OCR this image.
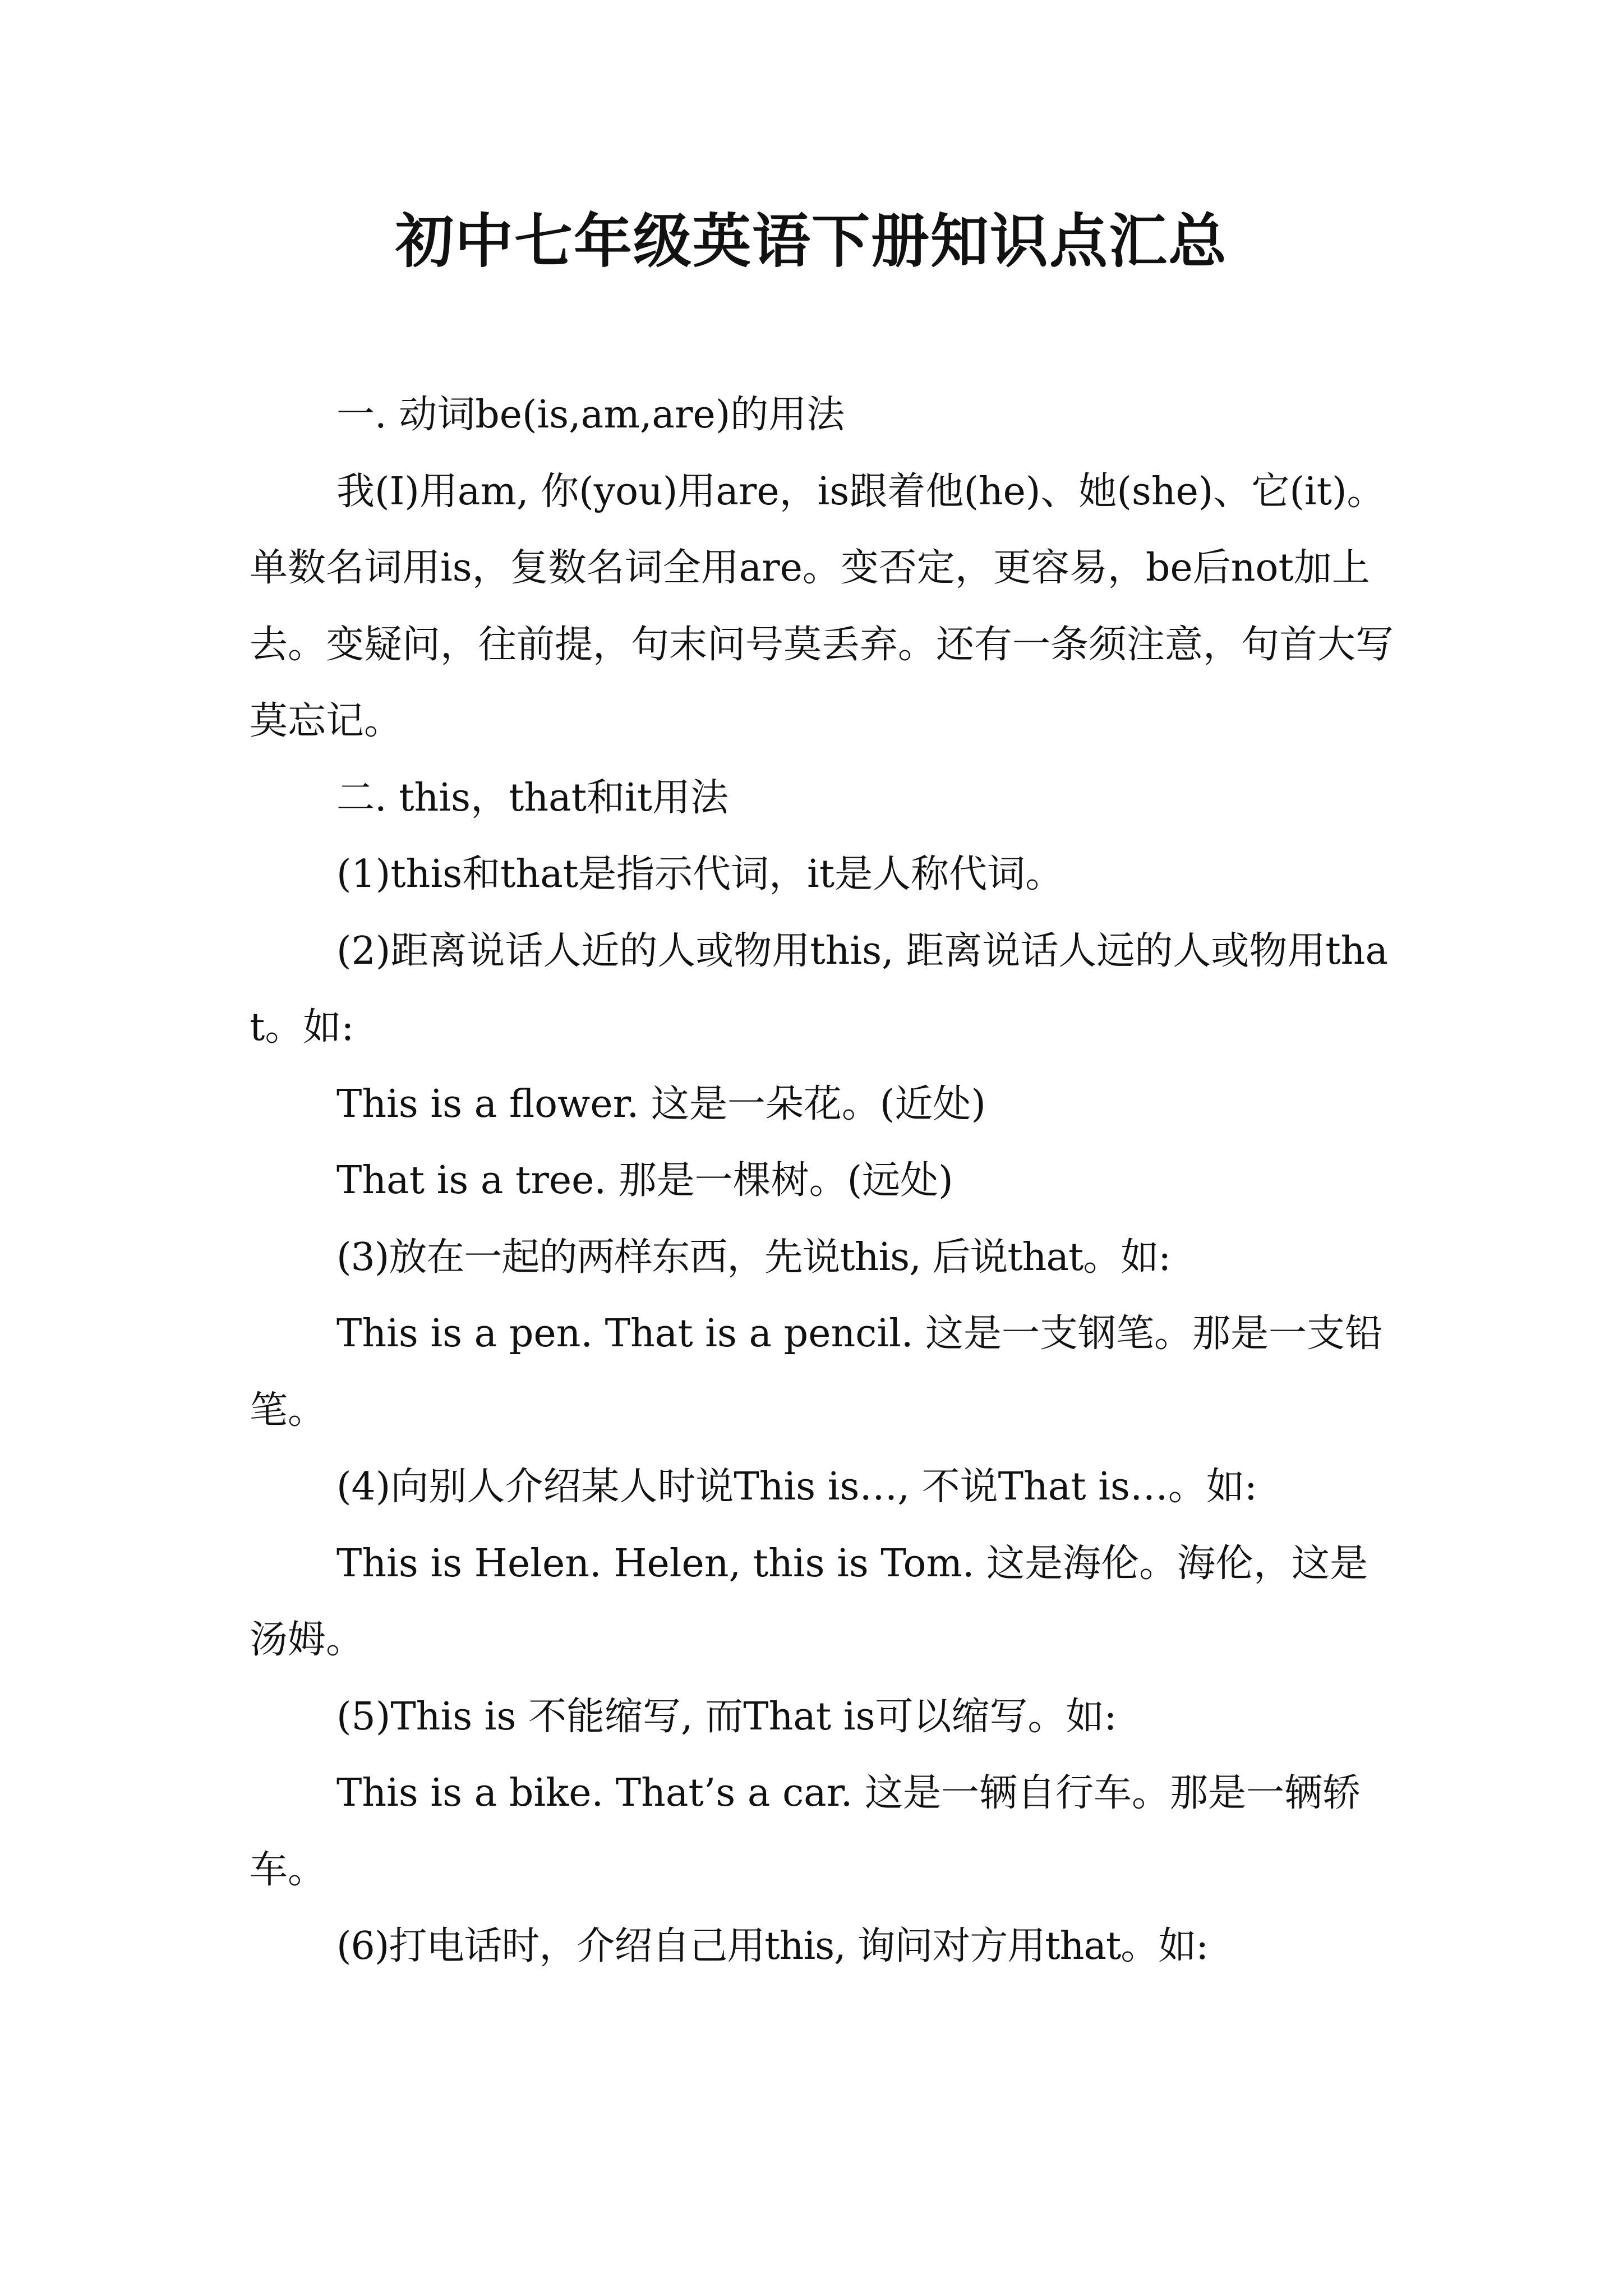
初中七年级英语下册知识点汇总

一. 动词be(is,am,are)的用法

我(I)用am, 你(you)用are，is跟着他(he)、她(she)、它(it)。单数名词用is，复数名词全用are。变否定，更容易，be后not加上去。变疑问，往前提，句末问号莫丢弃。还有一条须注意，句首大写莫忘记。

二. this，that和it用法

(1)this和that是指示代词，it是人称代词。

(2)距离说话人近的人或物用this, 距离说话人远的人或物用that。如:

This is a flower. 这是一朵花。(近处)

That is a tree. 那是一棵树。(远处)

(3)放在一起的两样东西，先说this, 后说that。如:

This is a pen. That is a pencil. 这是一支钢笔。那是一支铅笔。

(4)向别人介绍某人时说This is…, 不说That is…。如:

This is Helen. Helen, this is Tom. 这是海伦。海伦，这是汤姆。

(5)This is 不能缩写, 而That is可以缩写。如:

This is a bike. That’s a car. 这是一辆自行车。那是一辆轿车。

(6)打电话时，介绍自己用this, 询问对方用that。如:
